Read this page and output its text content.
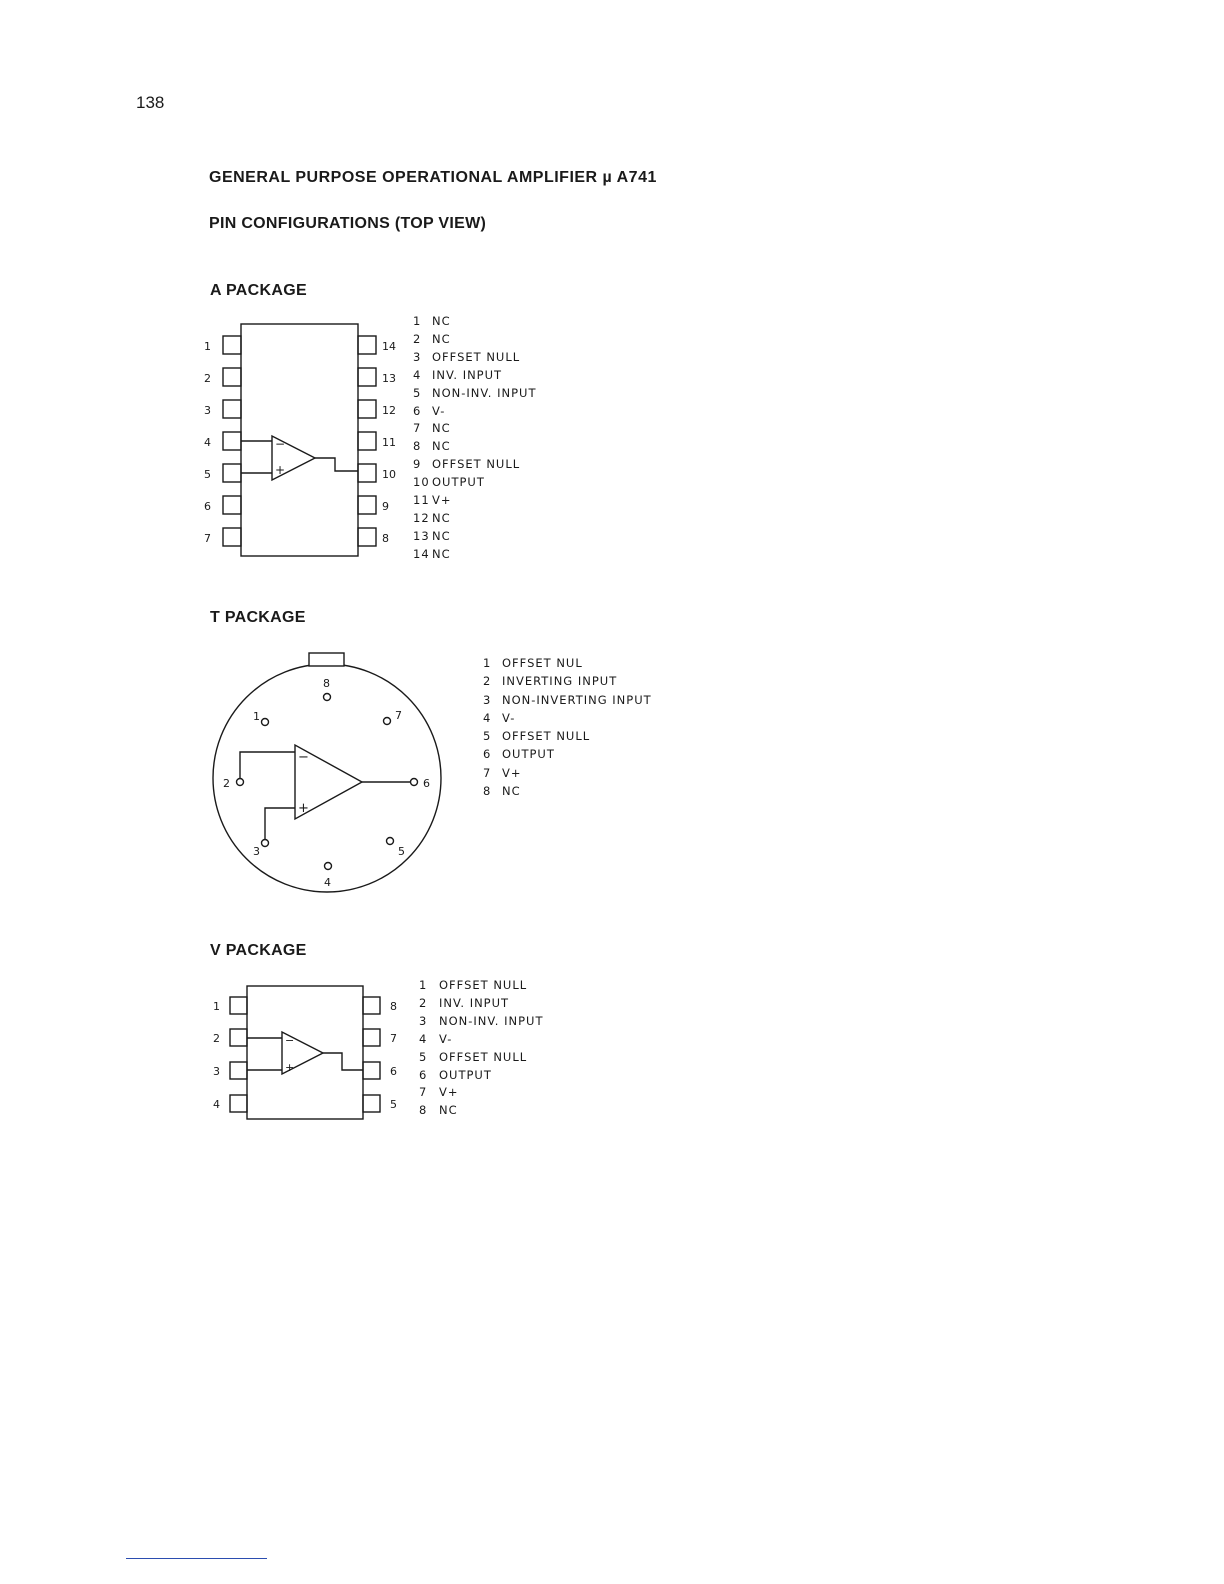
138
GENERAL PURPOSE OPERATIONAL AMPLIFIER µ A741
PIN CONFIGURATIONS (TOP VIEW)
A PACKAGE
T PACKAGE
V PACKAGE
1
2
3
4
5
6
7
14
13
12
11
10
9
8
−
+
1
2
3
4
5
6
7
8
−
+
1
2
3
4
8
7
6
5
−
+
1 NC
2 NC
3 OFFSET NULL
4 INV. INPUT
5 NON-INV. INPUT
6 V-
7 NC
8 NC
9 OFFSET NULL
10 OUTPUT
11 V+
12 NC
13 NC
14 NC
1 OFFSET NUL
2 INVERTING INPUT
3 NON-INVERTING INPUT
4 V-
5 OFFSET NULL
6 OUTPUT
7 V+
8 NC
1 OFFSET NULL
2 INV. INPUT
3 NON-INV. INPUT
4 V-
5 OFFSET NULL
6 OUTPUT
7 V+
8 NC
